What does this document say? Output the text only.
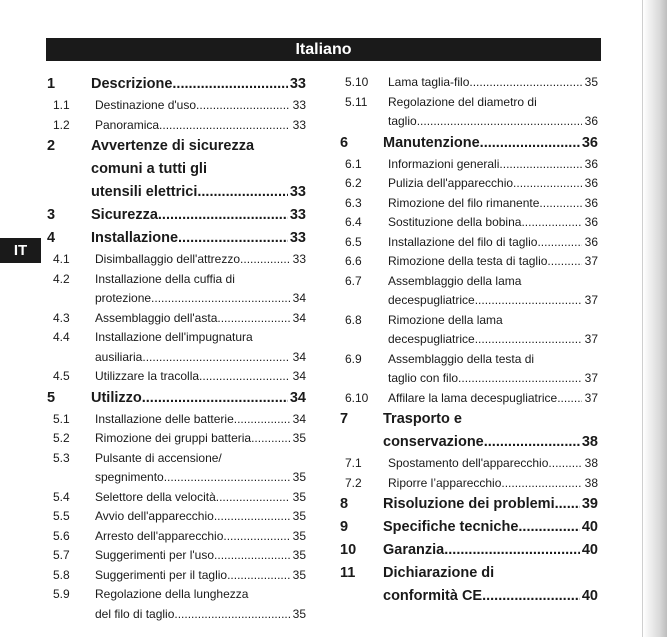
Italiano
IT
1	Descrizione .....	33
1.1	Destinazione d'uso .....	33
1.2	Panoramica .....	33
2	Avvertenze di sicurezza
comuni a tutti gli
utensili elettrici .....	33
3	Sicurezza .....	33
4	Installazione .....	33
4.1	Disimballaggio dell'attrezzo .....	33
4.2	Installazione della cuffia di
protezione .....	34
4.3	Assemblaggio dell'asta .....	34
4.4	Installazione dell'impugnatura
ausiliaria .....	34
4.5	Utilizzare la tracolla .....	34
5	Utilizzo .....	34
5.1	Installazione delle batterie .....	34
5.2	Rimozione dei gruppi batteria .....	35
5.3	Pulsante di accensione/
spegnimento .....	35
5.4	Selettore della velocità .....	35
5.5	Avvio dell'apparecchio .....	35
5.6	Arresto dell'apparecchio .....	35
5.7	Suggerimenti per l'uso .....	35
5.8	Suggerimenti per il taglio .....	35
5.9	Regolazione della lunghezza
del filo di taglio .....	35
5.10	Lama taglia-filo .....	35
5.11	Regolazione del diametro di
taglio .....	36
6	Manutenzione .....	36
6.1	Informazioni generali .....	36
6.2	Pulizia dell'apparecchio .....	36
6.3	Rimozione del filo rimanente .....	36
6.4	Sostituzione della bobina .....	36
6.5	Installazione del filo di taglio .....	36
6.6	Rimozione della testa di taglio .....	37
6.7	Assemblaggio della lama
decespugliatrice .....	37
6.8	Rimozione della lama
decespugliatrice .....	37
6.9	Assemblaggio della testa di
taglio con filo .....	37
6.10	Affilare la lama decespugliatrice ..... 37
7	Trasporto e
conservazione .....	38
7.1	Spostamento dell'apparecchio .....	38
7.2	Riporre l’apparecchio .....	38
8	Risoluzione dei problemi ..... 39
9	Specifiche tecniche .....	40
10	Garanzia .....	40
11	Dichiarazione di
conformità CE .....	40
